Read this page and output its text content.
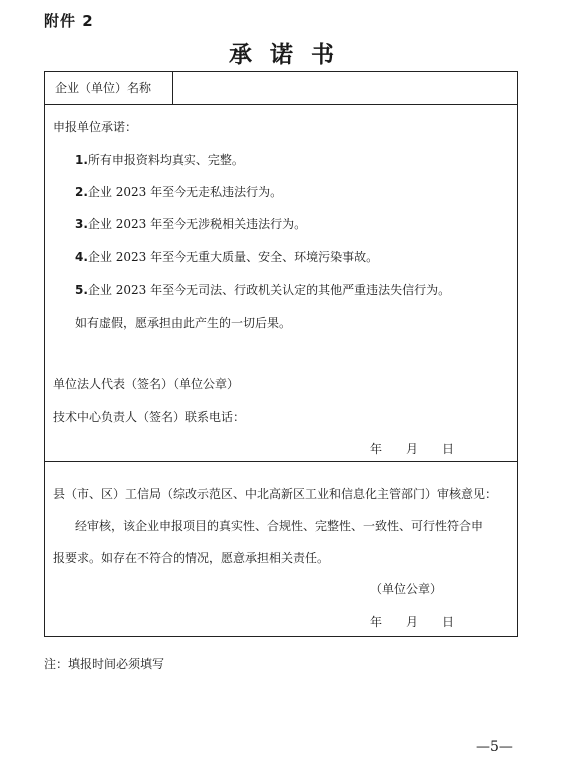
附件 2
承诺书
企业（单位）名称
申报单位承诺：
1.所有申报资料均真实、完整。
2.企业 2023 年至今无走私违法行为。
3.企业 2023 年至今无涉税相关违法行为。
4.企业 2023 年至今无重大质量、安全、环境污染事故。
5.企业 2023 年至今无司法、行政机关认定的其他严重违法失信行为。
如有虚假，愿承担由此产生的一切后果。
单位法人代表（签名）（单位公章）
技术中心负责人（签名）联系电话：
年　　月　　日
县（市、区）工信局（综改示范区、中北高新区工业和信息化主管部门）审核意见：
经审核，该企业申报项目的真实性、合规性、完整性、一致性、可行性符合申
报要求。如存在不符合的情况，愿意承担相关责任。
（单位公章）
年　　月　　日
注：填报时间必须填写
—5—
